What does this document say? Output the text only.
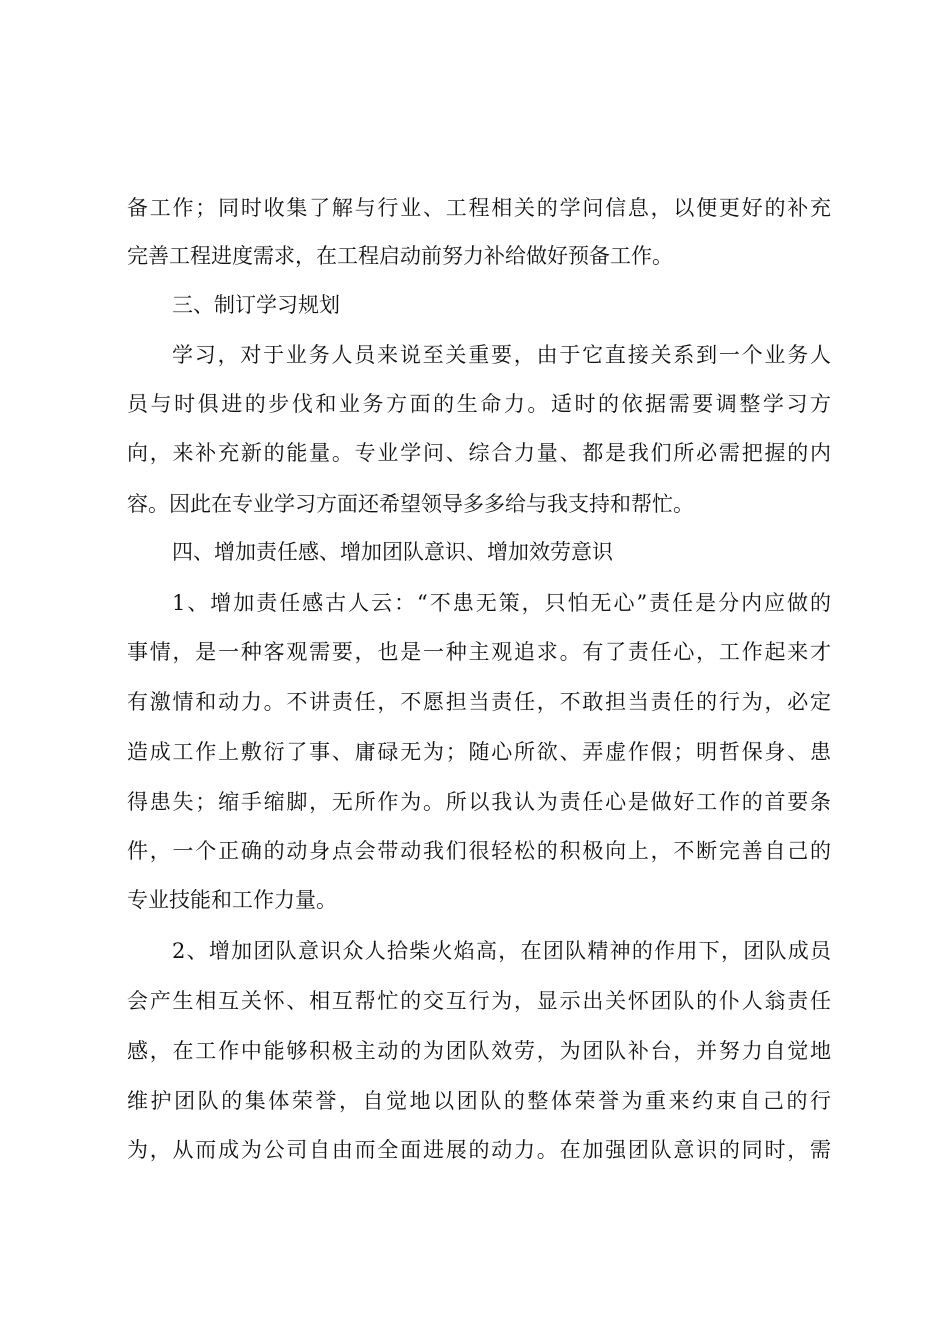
备工作；同时收集了解与行业、工程相关的学问信息，以便更好的补充
完善工程进度需求，在工程启动前努力补给做好预备工作。
三、制订学习规划
学习，对于业务人员来说至关重要，由于它直接关系到一个业务人
员与时俱进的步伐和业务方面的生命力。适时的依据需要调整学习方
向，来补充新的能量。专业学问、综合力量、都是我们所必需把握的内
容。因此在专业学习方面还希望领导多多给与我支持和帮忙。
四、增加责任感、增加团队意识、增加效劳意识
1、增加责任感古人云：“不患无策，只怕无心”责任是分内应做的
事情，是一种客观需要，也是一种主观追求。有了责任心，工作起来才
有激情和动力。不讲责任，不愿担当责任，不敢担当责任的行为，必定
造成工作上敷衍了事、庸碌无为；随心所欲、弄虚作假；明哲保身、患
得患失；缩手缩脚，无所作为。所以我认为责任心是做好工作的首要条
件，一个正确的动身点会带动我们很轻松的积极向上，不断完善自己的
专业技能和工作力量。
2、增加团队意识众人拾柴火焰高，在团队精神的作用下，团队成员
会产生相互关怀、相互帮忙的交互行为，显示出关怀团队的仆人翁责任
感，在工作中能够积极主动的为团队效劳，为团队补台，并努力自觉地
维护团队的集体荣誉，自觉地以团队的整体荣誉为重来约束自己的行
为，从而成为公司自由而全面进展的动力。在加强团队意识的同时，需
